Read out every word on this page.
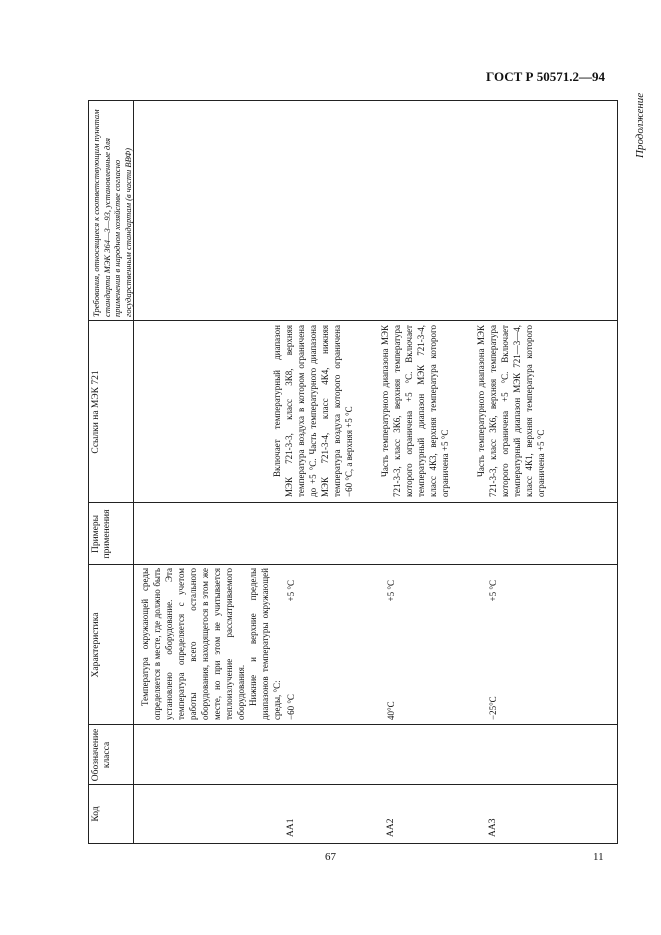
ГОСТ Р 50571.2—94
Продолжение
Код
Обозначение класса
Характеристика
Примеры применения
Ссылки на МЭК 721
Требования, относящиеся к соответствующим пунктам стандарта МЭК 364—3—93, установленные для применения в народном хозяйстве согласно государственным стандартам (в части ВВФ)
Температура окружающей среды определяется в месте, где должно быть установлено оборудование. Эта температура определяется с учетом работы всего остального оборудования, находящегося в этом же месте, но при этом не учитывается теплоизлучение рассматриваемого оборудования. Нижние и верхние пределы диапазонов температуры окружающей среды, °С:
АА1
−60 °С
+5 °С
Включает температурный диапазон МЭК 721-3-3, класс 3К8, верхняя температура воздуха в котором ограничена до +5 °С. Часть температурного диапазона МЭК 721-3-4, класс 4К4, нижняя температура воздуха которого ограничена −60 °С, а верхняя +5 °С
АА2
40°С
+5 °С
Часть температурного диапазона МЭК 721-3-3, класс 3К6, верхняя температура которого ограничена +5 °С. Включает температурный диапазон МЭК 721-3-4, класс 4К3, верхняя температура которого ограничена +5 °С
АА3
−25°С
+5 °С
Часть температурного диапазона МЭК 721-3-3, класс 3К6, верхняя температура которого ограничена +5 °С. Включает температурный диапазон МЭК 721—3—4, класс 4К1, верхняя температура которого ограничена +5 °С
67	11
